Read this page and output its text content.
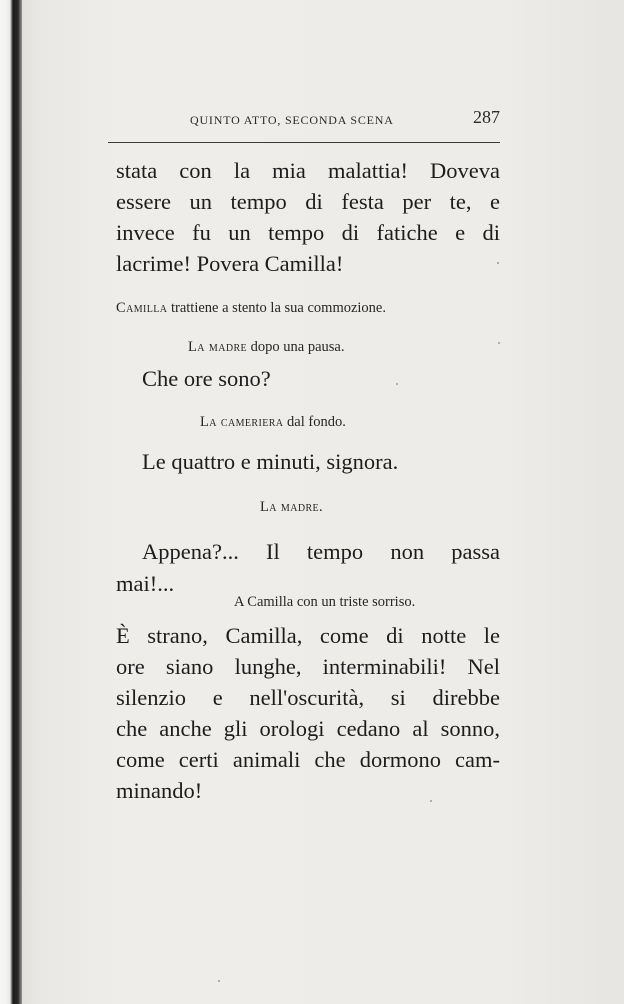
QUINTO ATTO, SECONDA SCENA	287
stata con la mia malattia! Doveva
essere un tempo di festa per te, e
invece fu un tempo di fatiche e di
lacrime! Povera Camilla!
Camilla trattiene a stento la sua commozione.
La madre dopo una pausa.
Che ore sono?
La cameriera dal fondo.
Le quattro e minuti, signora.
La madre.
Appena?... Il tempo non passa
mai!...
A Camilla con un triste sorriso.
È strano, Camilla, come di notte le
ore siano lunghe, interminabili! Nel
silenzio e nell'oscurità, si direbbe
che anche gli orologi cedano al sonno,
come certi animali che dormono cam-
minando!
